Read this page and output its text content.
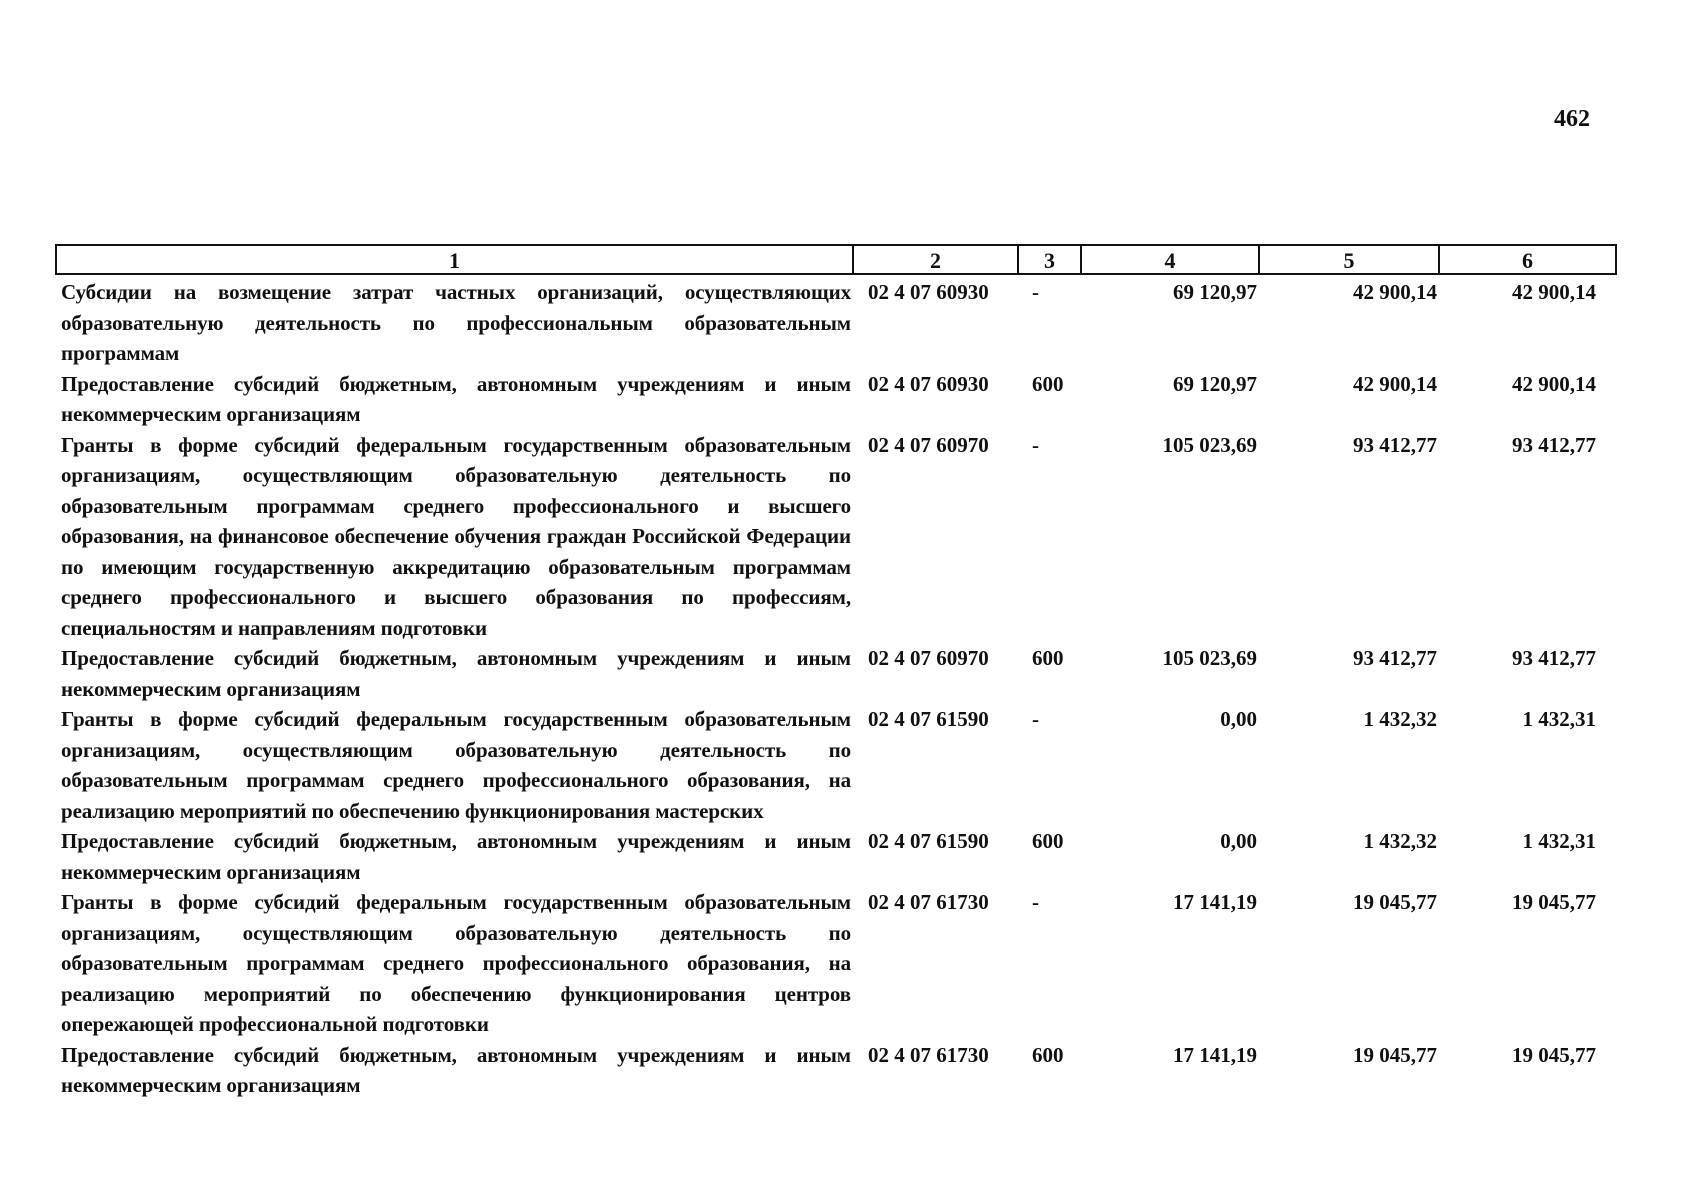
462
1	2	3	4	5	6
Субсидии на возмещение затрат частных организаций, осуществляющих образовательную деятельность по профессиональным образовательным программам	02 4 07 60930	-	69 120,97	42 900,14	42 900,14
Предоставление субсидий бюджетным, автономным учреждениям и иным некоммерческим организациям	02 4 07 60930	600	69 120,97	42 900,14	42 900,14
Гранты в форме субсидий федеральным государственным образовательным организациям, осуществляющим образовательную деятельность по образовательным программам среднего профессионального и высшего образования, на финансовое обеспечение обучения граждан Российской Федерации по имеющим государственную аккредитацию образовательным программам среднего профессионального и высшего образования по профессиям, специальностям и направлениям подготовки	02 4 07 60970	-	105 023,69	93 412,77	93 412,77
Предоставление субсидий бюджетным, автономным учреждениям и иным некоммерческим организациям	02 4 07 60970	600	105 023,69	93 412,77	93 412,77
Гранты в форме субсидий федеральным государственным образовательным организациям, осуществляющим образовательную деятельность по образовательным программам среднего профессионального образования, на реализацию мероприятий по обеспечению функционирования мастерских	02 4 07 61590	-	0,00	1 432,32	1 432,31
Предоставление субсидий бюджетным, автономным учреждениям и иным некоммерческим организациям	02 4 07 61590	600	0,00	1 432,32	1 432,31
Гранты в форме субсидий федеральным государственным образовательным организациям, осуществляющим образовательную деятельность по образовательным программам среднего профессионального образования, на реализацию мероприятий по обеспечению функционирования центров опережающей профессиональной подготовки	02 4 07 61730	-	17 141,19	19 045,77	19 045,77
Предоставление субсидий бюджетным, автономным учреждениям и иным некоммерческим организациям	02 4 07 61730	600	17 141,19	19 045,77	19 045,77
